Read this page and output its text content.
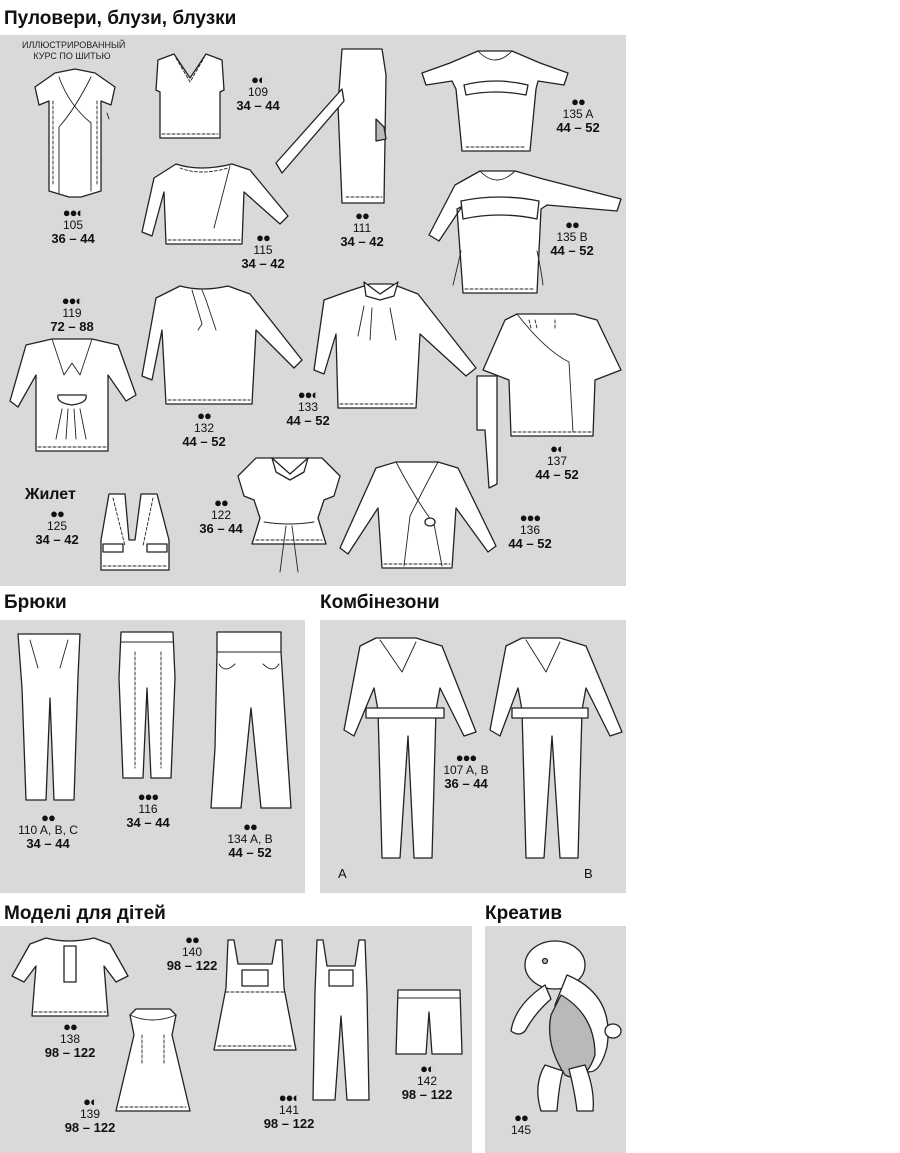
Пуловери, блузи, блузки
Брюки	Комбінезони
Моделі для дітей	Креатив
ИЛЛЮСТРИРОВАННЫЙ КУРС ПО ШИТЬЮ
Жилет
A	B
●●◐
105
36 – 44
●◐
109
34 – 44
●●
111
34 – 42
●●
115
34 – 42
●●
135 A
44 – 52
●●
135 B
44 – 52
●●◐
119
72 – 88
●●
132
44 – 52
●●◐
133
44 – 52
●◐
137
44 – 52
●●
125
34 – 42
●●
122
36 – 44
●●●
136
44 – 52
●●
110 A, B, C
34 – 44
●●●
116
34 – 44	●●
134 A, B
44 – 52
●●●
107 A, B
36 – 44
●●
138
98 – 122
●●
140
98 – 122
●◐
139
98 – 122
●●◐
141
98 – 122
●◐
142
98 – 122
●●
145
